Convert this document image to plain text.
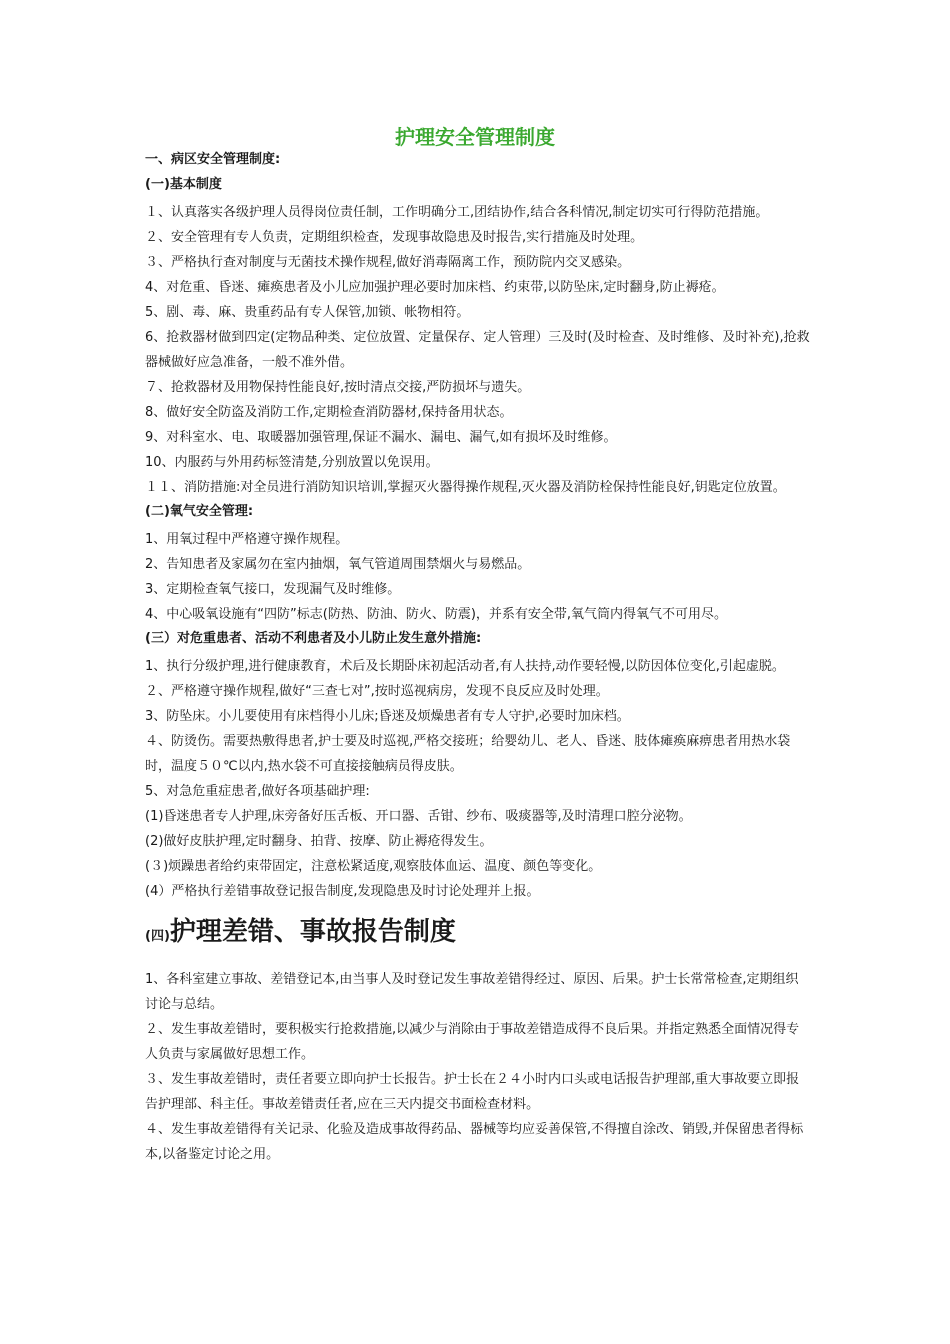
护理安全管理制度

一、病区安全管理制度:

(一)基本制度

１、认真落实各级护理人员得岗位责任制，工作明确分工,团结协作,结合各科情况,制定切实可行得防范措施。

２、安全管理有专人负责，定期组织检查，发现事故隐患及时报告,实行措施及时处理。

３、严格执行查对制度与无菌技术操作规程,做好消毒隔离工作，预防院内交叉感染。

4、对危重、昏迷、瘫痪患者及小儿应加强护理必要时加床档、约束带,以防坠床,定时翻身,防止褥疮。

5、剧、毒、麻、贵重药品有专人保管,加锁、帐物相符。

6、抢救器材做到四定(定物品种类、定位放置、定量保存、定人管理）三及时(及时检查、及时维修、及时补充),抢救器械做好应急准备，一般不准外借。

７、抢救器材及用物保持性能良好,按时清点交接,严防损坏与遗失。

8、做好安全防盗及消防工作,定期检查消防器材,保持备用状态。

9、对科室水、电、取暖器加强管理,保证不漏水、漏电、漏气,如有损坏及时维修。

10、内服药与外用药标签清楚,分别放置以免误用。

１１、消防措施:对全员进行消防知识培训,掌握灭火器得操作规程,灭火器及消防栓保持性能良好,钥匙定位放置。

(二)氧气安全管理:

1、用氧过程中严格遵守操作规程。

2、告知患者及家属勿在室内抽烟，氧气管道周围禁烟火与易燃品。

3、定期检查氧气接口，发现漏气及时维修。

4、中心吸氧设施有“四防”标志(防热、防油、防火、防震)，并系有安全带,氧气筒内得氧气不可用尽。

(三）对危重患者、活动不利患者及小儿防止发生意外措施:

1、执行分级护理,进行健康教育，术后及长期卧床初起活动者,有人扶持,动作要轻慢,以防因体位变化,引起虚脱。

２、严格遵守操作规程,做好“三查七对”,按时巡视病房，发现不良反应及时处理。

3、防坠床。小儿要使用有床档得小儿床;昏迷及烦燥患者有专人守护,必要时加床档。

４、防烫伤。需要热敷得患者,护士要及时巡视,严格交接班；给婴幼儿、老人、昏迷、肢体瘫痪麻痹患者用热水袋时，温度５０℃以内,热水袋不可直接接触病员得皮肤。

5、对急危重症患者,做好各项基础护理:

(1)昏迷患者专人护理,床旁备好压舌板、开口器、舌钳、纱布、吸痰器等,及时清理口腔分泌物。

(2)做好皮肤护理,定时翻身、拍背、按摩、防止褥疮得发生。

(３)烦躁患者给约束带固定，注意松紧适度,观察肢体血运、温度、颜色等变化。

(4）严格执行差错事故登记报告制度,发现隐患及时讨论处理并上报。

(四)护理差错、事故报告制度

1、各科室建立事故、差错登记本,由当事人及时登记发生事故差错得经过、原因、后果。护士长常常检查,定期组织讨论与总结。

２、发生事故差错时，要积极实行抢救措施,以减少与消除由于事故差错造成得不良后果。并指定熟悉全面情况得专人负责与家属做好思想工作。

３、发生事故差错时，责任者要立即向护士长报告。护士长在２４小时内口头或电话报告护理部,重大事故要立即报告护理部、科主任。事故差错责任者,应在三天内提交书面检查材料。

４、发生事故差错得有关记录、化验及造成事故得药品、器械等均应妥善保管,不得擅自涂改、销毁,并保留患者得标本,以备鉴定讨论之用。
